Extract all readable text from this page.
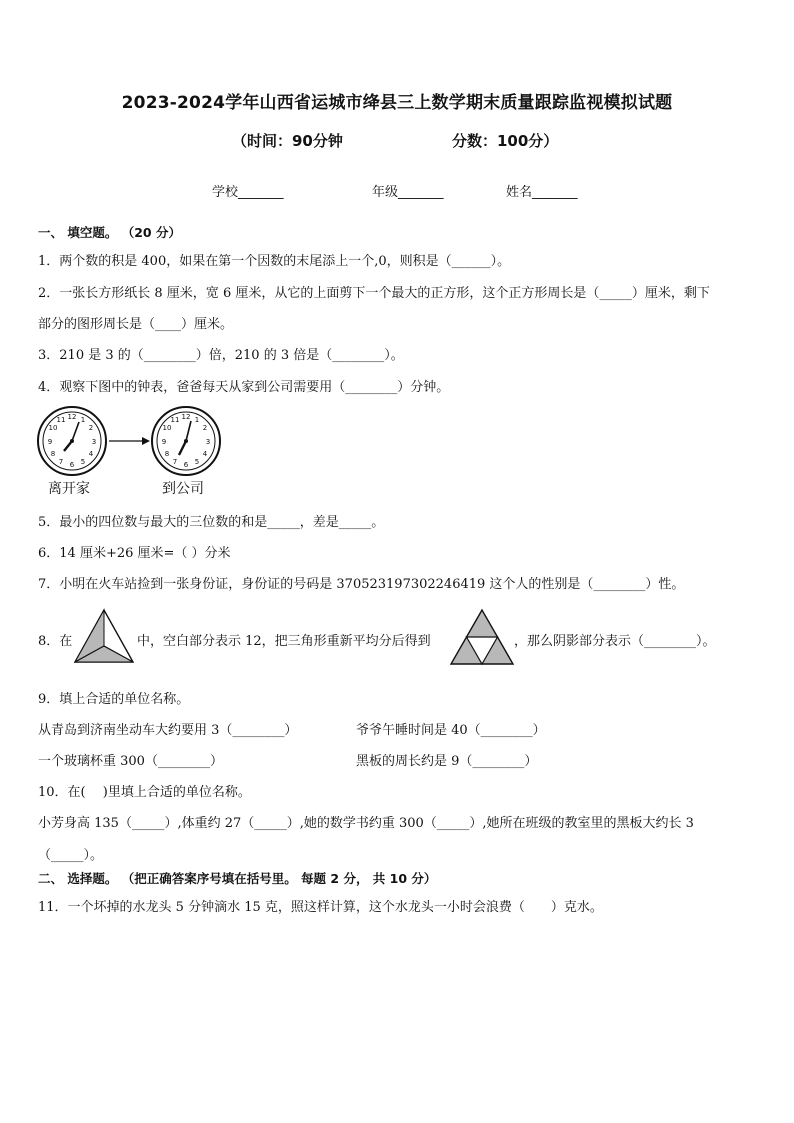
2023-2024学年山西省运城市绛县三上数学期末质量跟踪监视模拟试题
（时间：90分钟	分数：100分）
学校_______	年级_______	姓名_______
一、 填空题。 （20 分）
1．两个数的积是 400，如果在第一个因数的末尾添上一个,0，则积是（______）。
2．一张长方形纸长 8 厘米，宽 6 厘米，从它的上面剪下一个最大的正方形，这个正方形周长是（_____）厘米，剩下
部分的图形周长是（____）厘米。
3．210 是 3 的（________）倍，210 的 3 倍是（________）。
4．观察下图中的钟表，爸爸每天从家到公司需要用（________）分钟。
12 1
2
3
4
5
6
7
8
9
10
11	12 1
2
3
4
5
6
7
8
9
10
11
离开家	到公司
5．最小的四位数与最大的三位数的和是_____，差是_____。
6．14 厘米+26 厘米=（ ）分米
7．小明在火车站捡到一张身份证，身份证的号码是 370523197302246419 这个人的性别是（________）性。
8．在	中，空白部分表示 12，把三角形重新平均分后得到	，那么阴影部分表示（________）。
9．填上合适的单位名称。
从青岛到济南坐动车大约要用 3（________）	爷爷午睡时间是 40（________）
一个玻璃杯重 300（________）	黑板的周长约是 9（________）
10．在(　 )里填上合适的单位名称。
小芳身高 135（_____）,体重约 27（_____）,她的数学书约重 300（_____）,她所在班级的教室里的黑板大约长 3
（_____）。
二、 选择题。 （把正确答案序号填在括号里。 每题 2 分， 共 10 分）
11．一个坏掉的水龙头 5 分钟滴水 15 克，照这样计算，这个水龙头一小时会浪费（　　）克水。
